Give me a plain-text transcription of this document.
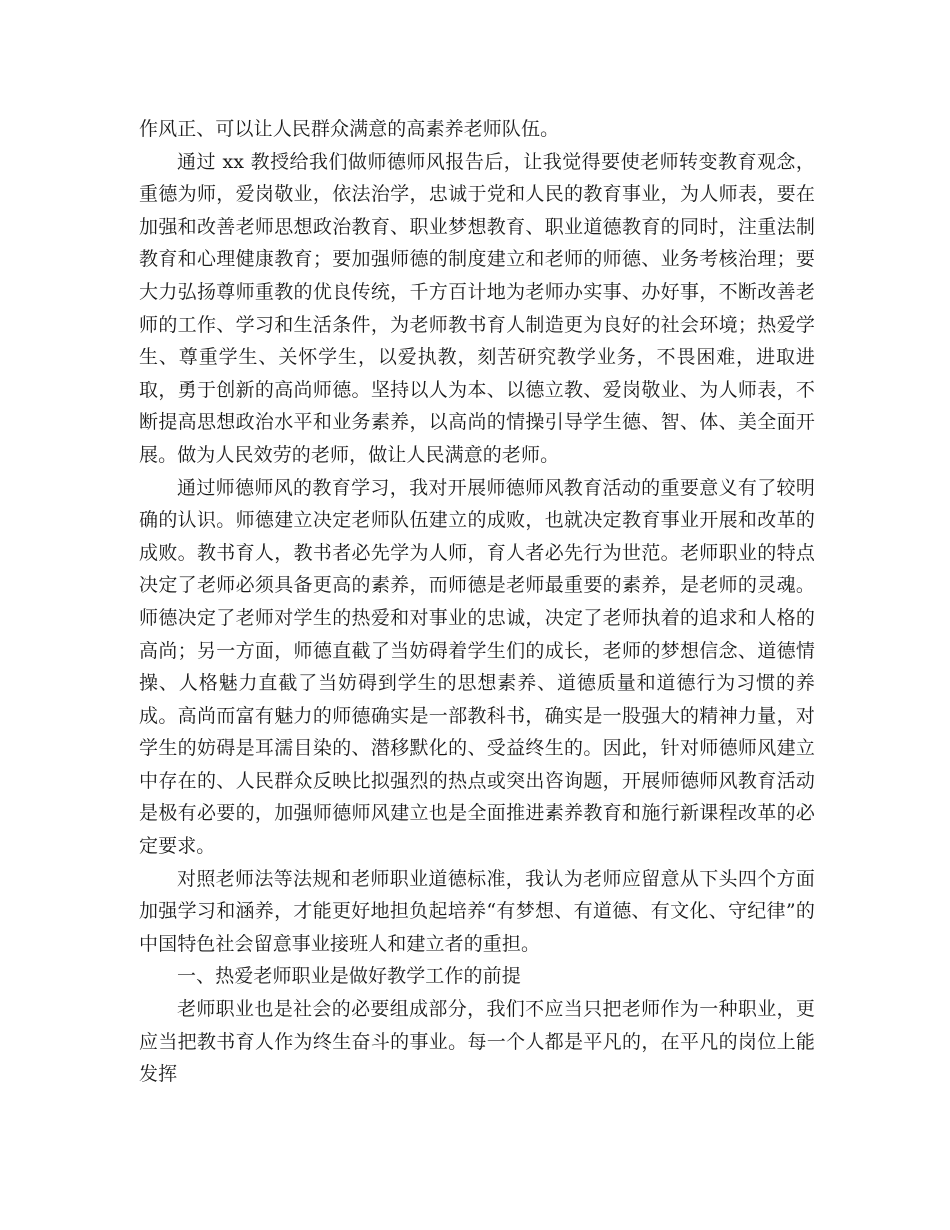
作风正、可以让人民群众满意的高素养老师队伍。

通过 xx 教授给我们做师德师风报告后，让我觉得要使老师转变教育观念，重德为师，爱岗敬业，依法治学，忠诚于党和人民的教育事业，为人师表，要在加强和改善老师思想政治教育、职业梦想教育、职业道德教育的同时，注重法制教育和心理健康教育；要加强师德的制度建立和老师的师德、业务考核治理；要大力弘扬尊师重教的优良传统，千方百计地为老师办实事、办好事，不断改善老师的工作、学习和生活条件，为老师教书育人制造更为良好的社会环境；热爱学生、尊重学生、关怀学生，以爱执教，刻苦研究教学业务，不畏困难，进取进取，勇于创新的高尚师德。坚持以人为本、以德立教、爱岗敬业、为人师表，不断提高思想政治水平和业务素养，以高尚的情操引导学生德、智、体、美全面开展。做为人民效劳的老师，做让人民满意的老师。

通过师德师风的教育学习，我对开展师德师风教育活动的重要意义有了较明确的认识。师德建立决定老师队伍建立的成败，也就决定教育事业开展和改革的成败。教书育人，教书者必先学为人师，育人者必先行为世范。老师职业的特点决定了老师必须具备更高的素养，而师德是老师最重要的素养，是老师的灵魂。师德决定了老师对学生的热爱和对事业的忠诚，决定了老师执着的追求和人格的高尚；另一方面，师德直截了当妨碍着学生们的成长，老师的梦想信念、道德情操、人格魅力直截了当妨碍到学生的思想素养、道德质量和道德行为习惯的养成。高尚而富有魅力的师德确实是一部教科书，确实是一股强大的精神力量，对学生的妨碍是耳濡目染的、潜移默化的、受益终生的。因此，针对师德师风建立中存在的、人民群众反映比拟强烈的热点或突出咨询题，开展师德师风教育活动是极有必要的，加强师德师风建立也是全面推进素养教育和施行新课程改革的必定要求。

对照老师法等法规和老师职业道德标准，我认为老师应留意从下头四个方面加强学习和涵养，才能更好地担负起培养“有梦想、有道德、有文化、守纪律”的中国特色社会留意事业接班人和建立者的重担。

一、热爱老师职业是做好教学工作的前提

老师职业也是社会的必要组成部分，我们不应当只把老师作为一种职业，更应当把教书育人作为终生奋斗的事业。每一个人都是平凡的，在平凡的岗位上能发挥
